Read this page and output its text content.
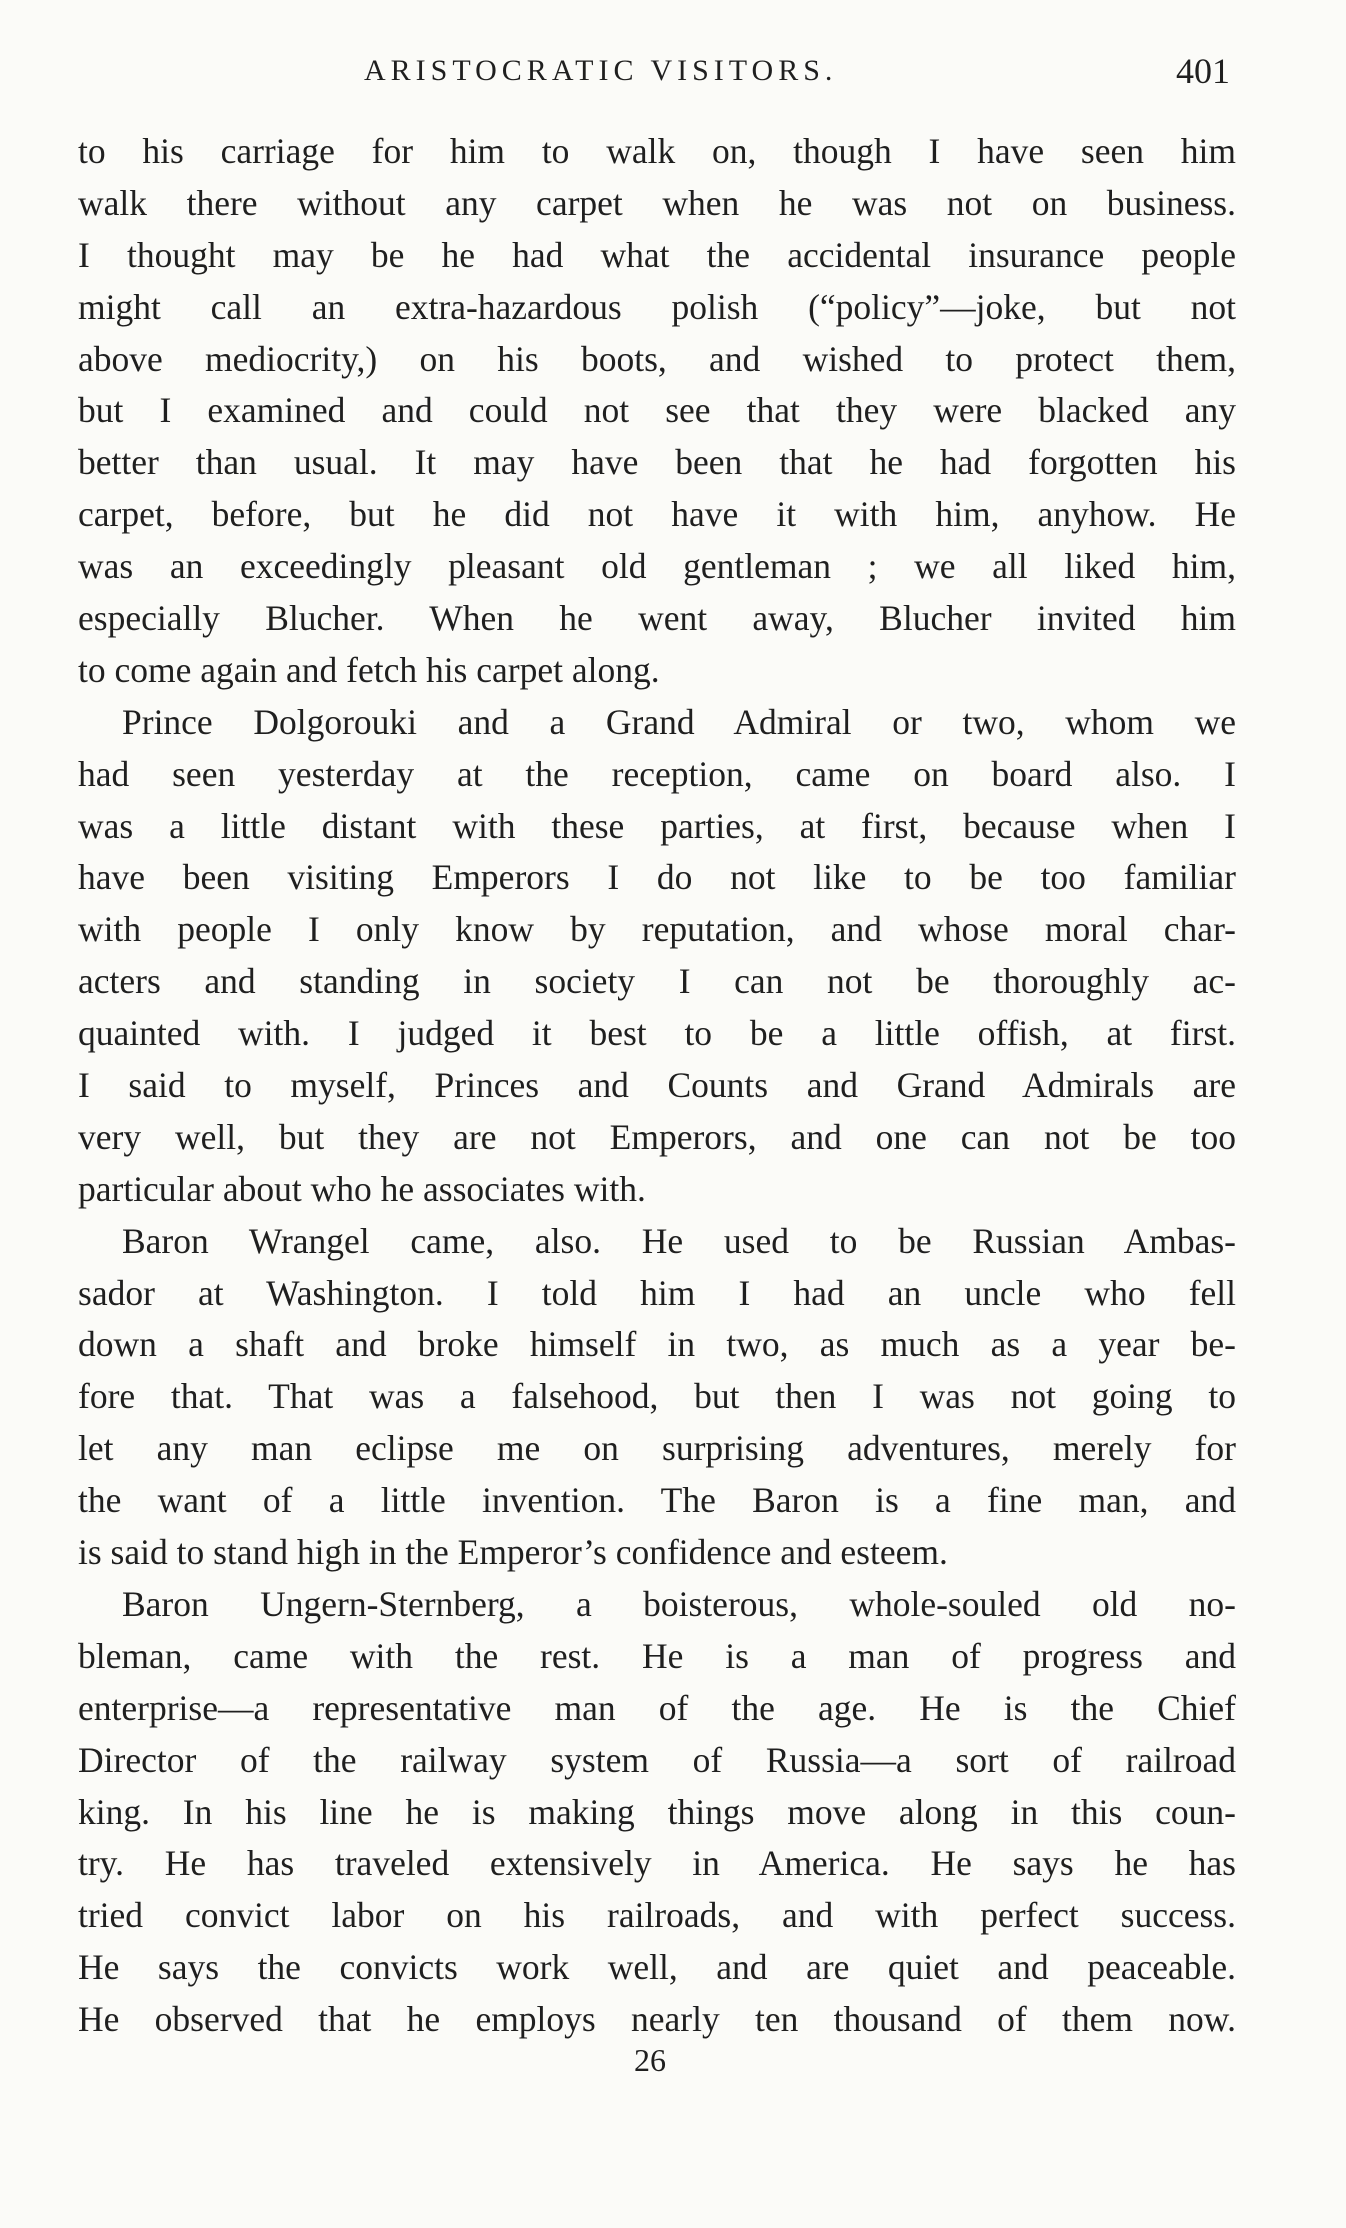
ARISTOCRATIC VISITORS.	401
to his carriage for him to walk on, though I have seen him
walk there without any carpet when he was not on business.
I thought may be he had what the accidental insurance people
might call an extra-hazardous polish (“policy”—joke, but not
above mediocrity,) on his boots, and wished to protect them,
but I examined and could not see that they were blacked any
better than usual. It may have been that he had forgotten his
carpet, before, but he did not have it with him, anyhow. He
was an exceedingly pleasant old gentleman ; we all liked him,
especially Blucher. When he went away, Blucher invited him
to come again and fetch his carpet along.
Prince Dolgorouki and a Grand Admiral or two, whom we
had seen yesterday at the reception, came on board also. I
was a little distant with these parties, at first, because when I
have been visiting Emperors I do not like to be too familiar
with people I only know by reputation, and whose moral char-
acters and standing in society I can not be thoroughly ac-
quainted with. I judged it best to be a little offish, at first.
I said to myself, Princes and Counts and Grand Admirals are
very well, but they are not Emperors, and one can not be too
particular about who he associates with.
Baron Wrangel came, also. He used to be Russian Ambas-
sador at Washington. I told him I had an uncle who fell
down a shaft and broke himself in two, as much as a year be-
fore that. That was a falsehood, but then I was not going to
let any man eclipse me on surprising adventures, merely for
the want of a little invention. The Baron is a fine man, and
is said to stand high in the Emperor’s confidence and esteem.
Baron Ungern-Sternberg, a boisterous, whole-souled old no-
bleman, came with the rest. He is a man of progress and
enterprise—a representative man of the age. He is the Chief
Director of the railway system of Russia—a sort of railroad
king. In his line he is making things move along in this coun-
try. He has traveled extensively in America. He says he has
tried convict labor on his railroads, and with perfect success.
He says the convicts work well, and are quiet and peaceable.
He observed that he employs nearly ten thousand of them now.
26
